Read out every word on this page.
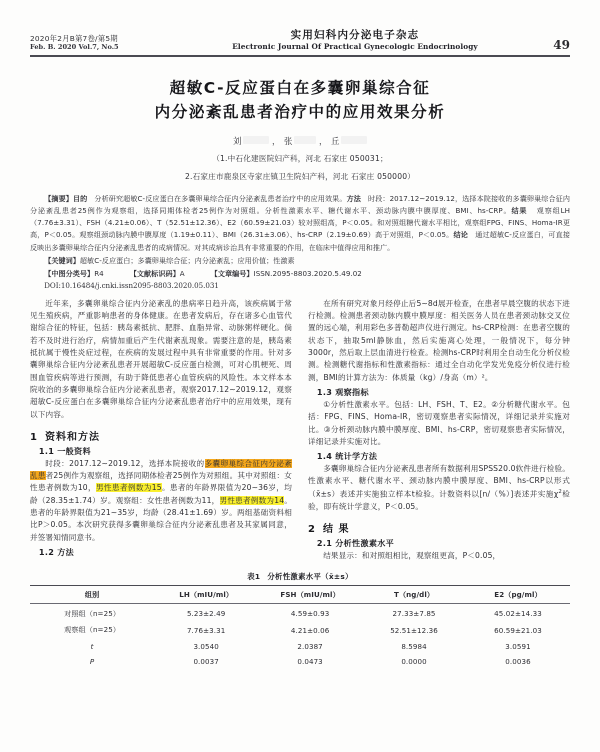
2020年2月B第7卷/第5期
Feb. B. 2020 Vol.7, No.5
实用妇科内分泌电子杂志
Electronic Journal Of Practical Gynecologic Endocrinology	49
超敏C-反应蛋白在多囊卵巢综合征
内分泌紊乱患者治疗中的应用效果分析
刘	， 张	， 丘
（1.中石化建医院妇产科，河北 石家庄 050031；
2.石家庄市鹿泉区寺家庄镇卫生院妇产科，河北 石家庄 050000）

【摘要】目的 分析研究超敏C-反应蛋白在多囊卵巢综合征内分泌紊乱患者治疗中的应用效果。方法 时段：2017.12~2019.12，选择本院接收的多囊卵巢综合征内分泌紊乱患者25例作为观察组，选择同期体检者25例作为对照组。分析性激素水平、糖代谢水平、颈动脉内膜中膜厚度、BMI、hs-CRP。结果 观察组LH（7.76±3.31）、FSH（4.21±0.06）、T（52.51±12.36）、E2（60.59±21.03）较对照组高，P＜0.05。和对照组糖代谢水平相比，观察组FPG、FINS、Homa-IR更高，P＜0.05。观察组颈动脉内膜中膜厚度（1.19±0.11）、BMI（26.31±3.06）、hs-CRP（2.19±0.69）高于对照组，P＜0.05。结论 通过超敏C-反应蛋白，可直接反映出多囊卵巢综合征内分泌紊乱患者的成病情况。对其成病诊治具有非常重要的作用，在临床中值得应用和推广。

【关键词】超敏C-反应蛋白；多囊卵巢综合征；内分泌紊乱；应用价值；性激素
【中图分类号】R4	【文献标识码】A	【文章编号】ISSN.2095-8803.2020.5.49.02
DOI:10.16484/j.cnki.issn2095-8803.2020.05.031

近年来，多囊卵巢综合征内分泌紊乱的患病率日趋升高，该疾病属于常见生殖疾病，严重影响患者的身体健康。在患者发病后，存在诸多心血管代谢综合征的特征，包括：胰岛素抵抗、肥胖、血脂异常、动脉粥样硬化。倘若不及时进行治疗，病情加重后产生代谢紊乱现象。需要注意的是，胰岛素抵抗属于慢性炎症过程，在疾病的发展过程中具有非常重要的作用。针对多囊卵巢综合征内分泌紊乱患者开展超敏C-反应蛋白检测，可对心肌梗死、周围血管疾病等进行预测，有助于降低患者心血管疾病的风险性。本文样本本院收治的多囊卵巢综合征内分泌紊乱患者，观察2017.12~2019.12，观察超敏C-反应蛋白在多囊卵巢综合征内分泌紊乱患者治疗中的应用效果，现有以下内容。

1 资料和方法
1.1 一般资料

时段：2017.12~2019.12，选择本院接收的多囊卵巢综合征内分泌紊乱患者25例作为观察组，选择同期体检者25例作为对照组。其中对照组：女性患者例数为10，男性患者例数为15。患者的年龄界限值为20~36岁，均龄（28.35±1.74）岁。观察组：女性患者例数为11，男性患者例数为14。患者的年龄界限值为21~35岁，均龄（28.41±1.69）岁。两组基础资料相比P＞0.05。本次研究获得多囊卵巢综合征内分泌紊乱患者及其家属同意，并签署知情同意书。

1.2 方法

在所有研究对象月经停止后5~8d展开检查，在患者早晨空腹的状态下进行检测。检测患者颈动脉内膜中膜厚度：相关医务人员在患者颈动脉交叉位置的远心端，利用彩色多普勒超声仪进行测定。hs-CRP检测：在患者空腹的状态下，抽取5ml静脉血，然后实施离心处理，一般情况下，每分钟3000r，然后取上层血清进行检查。检测hs-CRP时利用全自动生化分析仪检测。检测糖代谢指标和性激素指标：通过全自动化学发光免疫分析仪进行检测，BMI的计算方法为：体质量（kg）/身高（m）²。

1.3 观察指标

①分析性激素水平。包括：LH、FSH、T、E2。②分析糖代谢水平。包括：FPG、FINS、Homa-IR，密切观察患者实际情况，详细记录并实施对比。③分析颈动脉内膜中膜厚度、BMI、hs-CRP，密切观察患者实际情况，详细记录并实施对比。

1.4 统计学方法

多囊卵巢综合征内分泌紊乱患者所有数据利用SPSS20.0软件进行检验。性激素水平、糖代谢水平、颈动脉内膜中膜厚度、BMI、hs-CRP以形式（x̄±s）表述并实施独立样本t检验。计数资料以[n/（%）]表述并实施$\chi^2$检验，即有统计学意义，P＜0.05。

2 结 果
2.1 分析性激素水平

结果显示：和对照组相比，观察组更高，P＜0.05，

表1 分析性激素水平（x̄±s）
组别	LH（mIU/ml）	FSH（mIU/ml）	T（ng/dl）	E2（pg/ml）
对照组（n=25）	5.23±2.49	4.59±0.93	27.33±7.85	45.02±14.33
观察组（n=25）	7.76±3.31	4.21±0.06	52.51±12.36	60.59±21.03
t	3.0540	2.0387	8.5984	3.0591
P	0.0037	0.0473	0.0000	0.0036
